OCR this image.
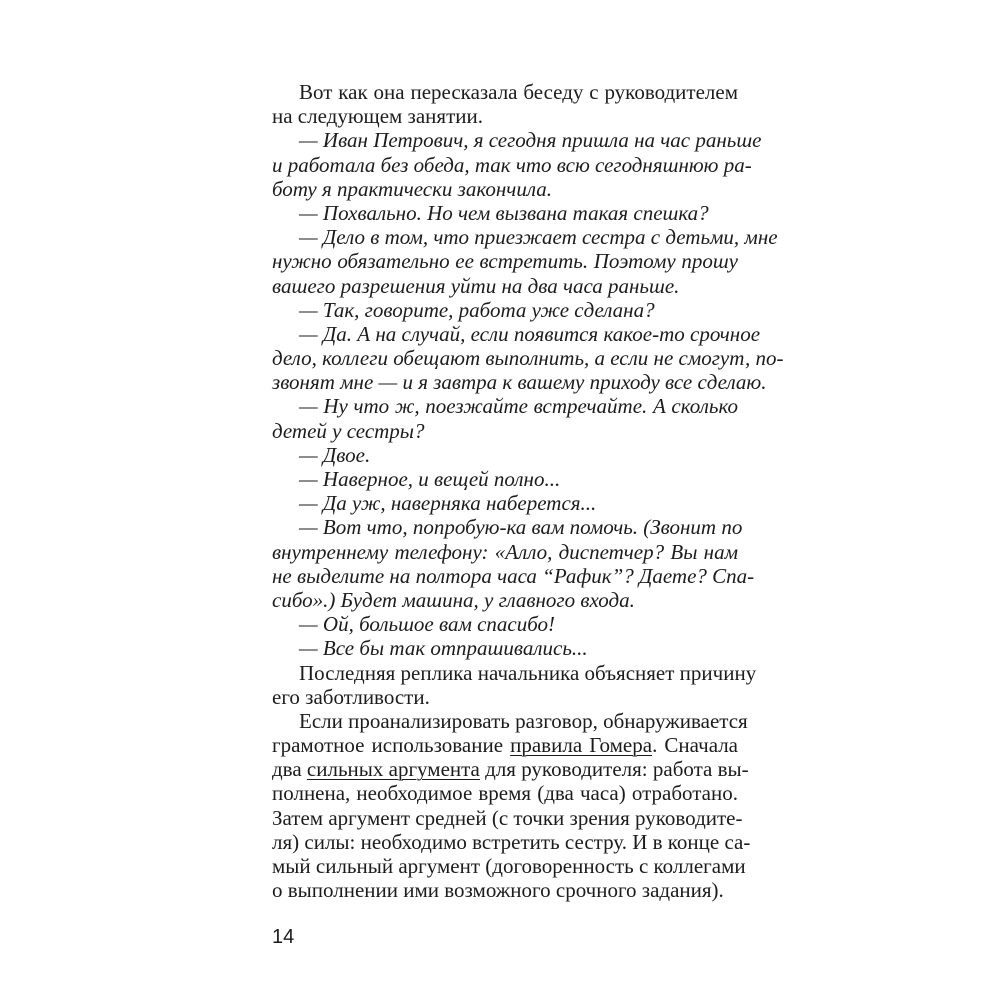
Вот как она пересказала беседу с руководителем
на следующем занятии.
— Иван Петрович, я сегодня пришла на час раньше
и работала без обеда, так что всю сегодняшнюю ра-
боту я практически закончила.
— Похвально. Но чем вызвана такая спешка?
— Дело в том, что приезжает сестра с детьми, мне
нужно обязательно ее встретить. Поэтому прошу
вашего разрешения уйти на два часа раньше.
— Так, говорите, работа уже сделана?
— Да. А на случай, если появится какое-то срочное
дело, коллеги обещают выполнить, а если не смогут, по-
звонят мне — и я завтра к вашему приходу все сделаю.
— Ну что ж, поезжайте встречайте. А сколько
детей у сестры?
— Двое.
— Наверное, и вещей полно...
— Да уж, наверняка наберется...
— Вот что, попробую-ка вам помочь. (Звонит по
внутреннему телефону: «Алло, диспетчер? Вы нам
не выделите на полтора часа “Рафик”? Даете? Спа-
сибо».) Будет машина, у главного входа.
— Ой, большое вам спасибо!
— Все бы так отпрашивались...
Последняя реплика начальника объясняет причину
его заботливости.
Если проанализировать разговор, обнаруживается
грамотное использование правила Гомера. Сначала
два сильных аргумента для руководителя: работа вы-
полнена, необходимое время (два часа) отработано.
Затем аргумент средней (с точки зрения руководите-
ля) силы: необходимо встретить сестру. И в конце са-
мый сильный аргумент (договоренность с коллегами
о выполнении ими возможного срочного задания).
14
